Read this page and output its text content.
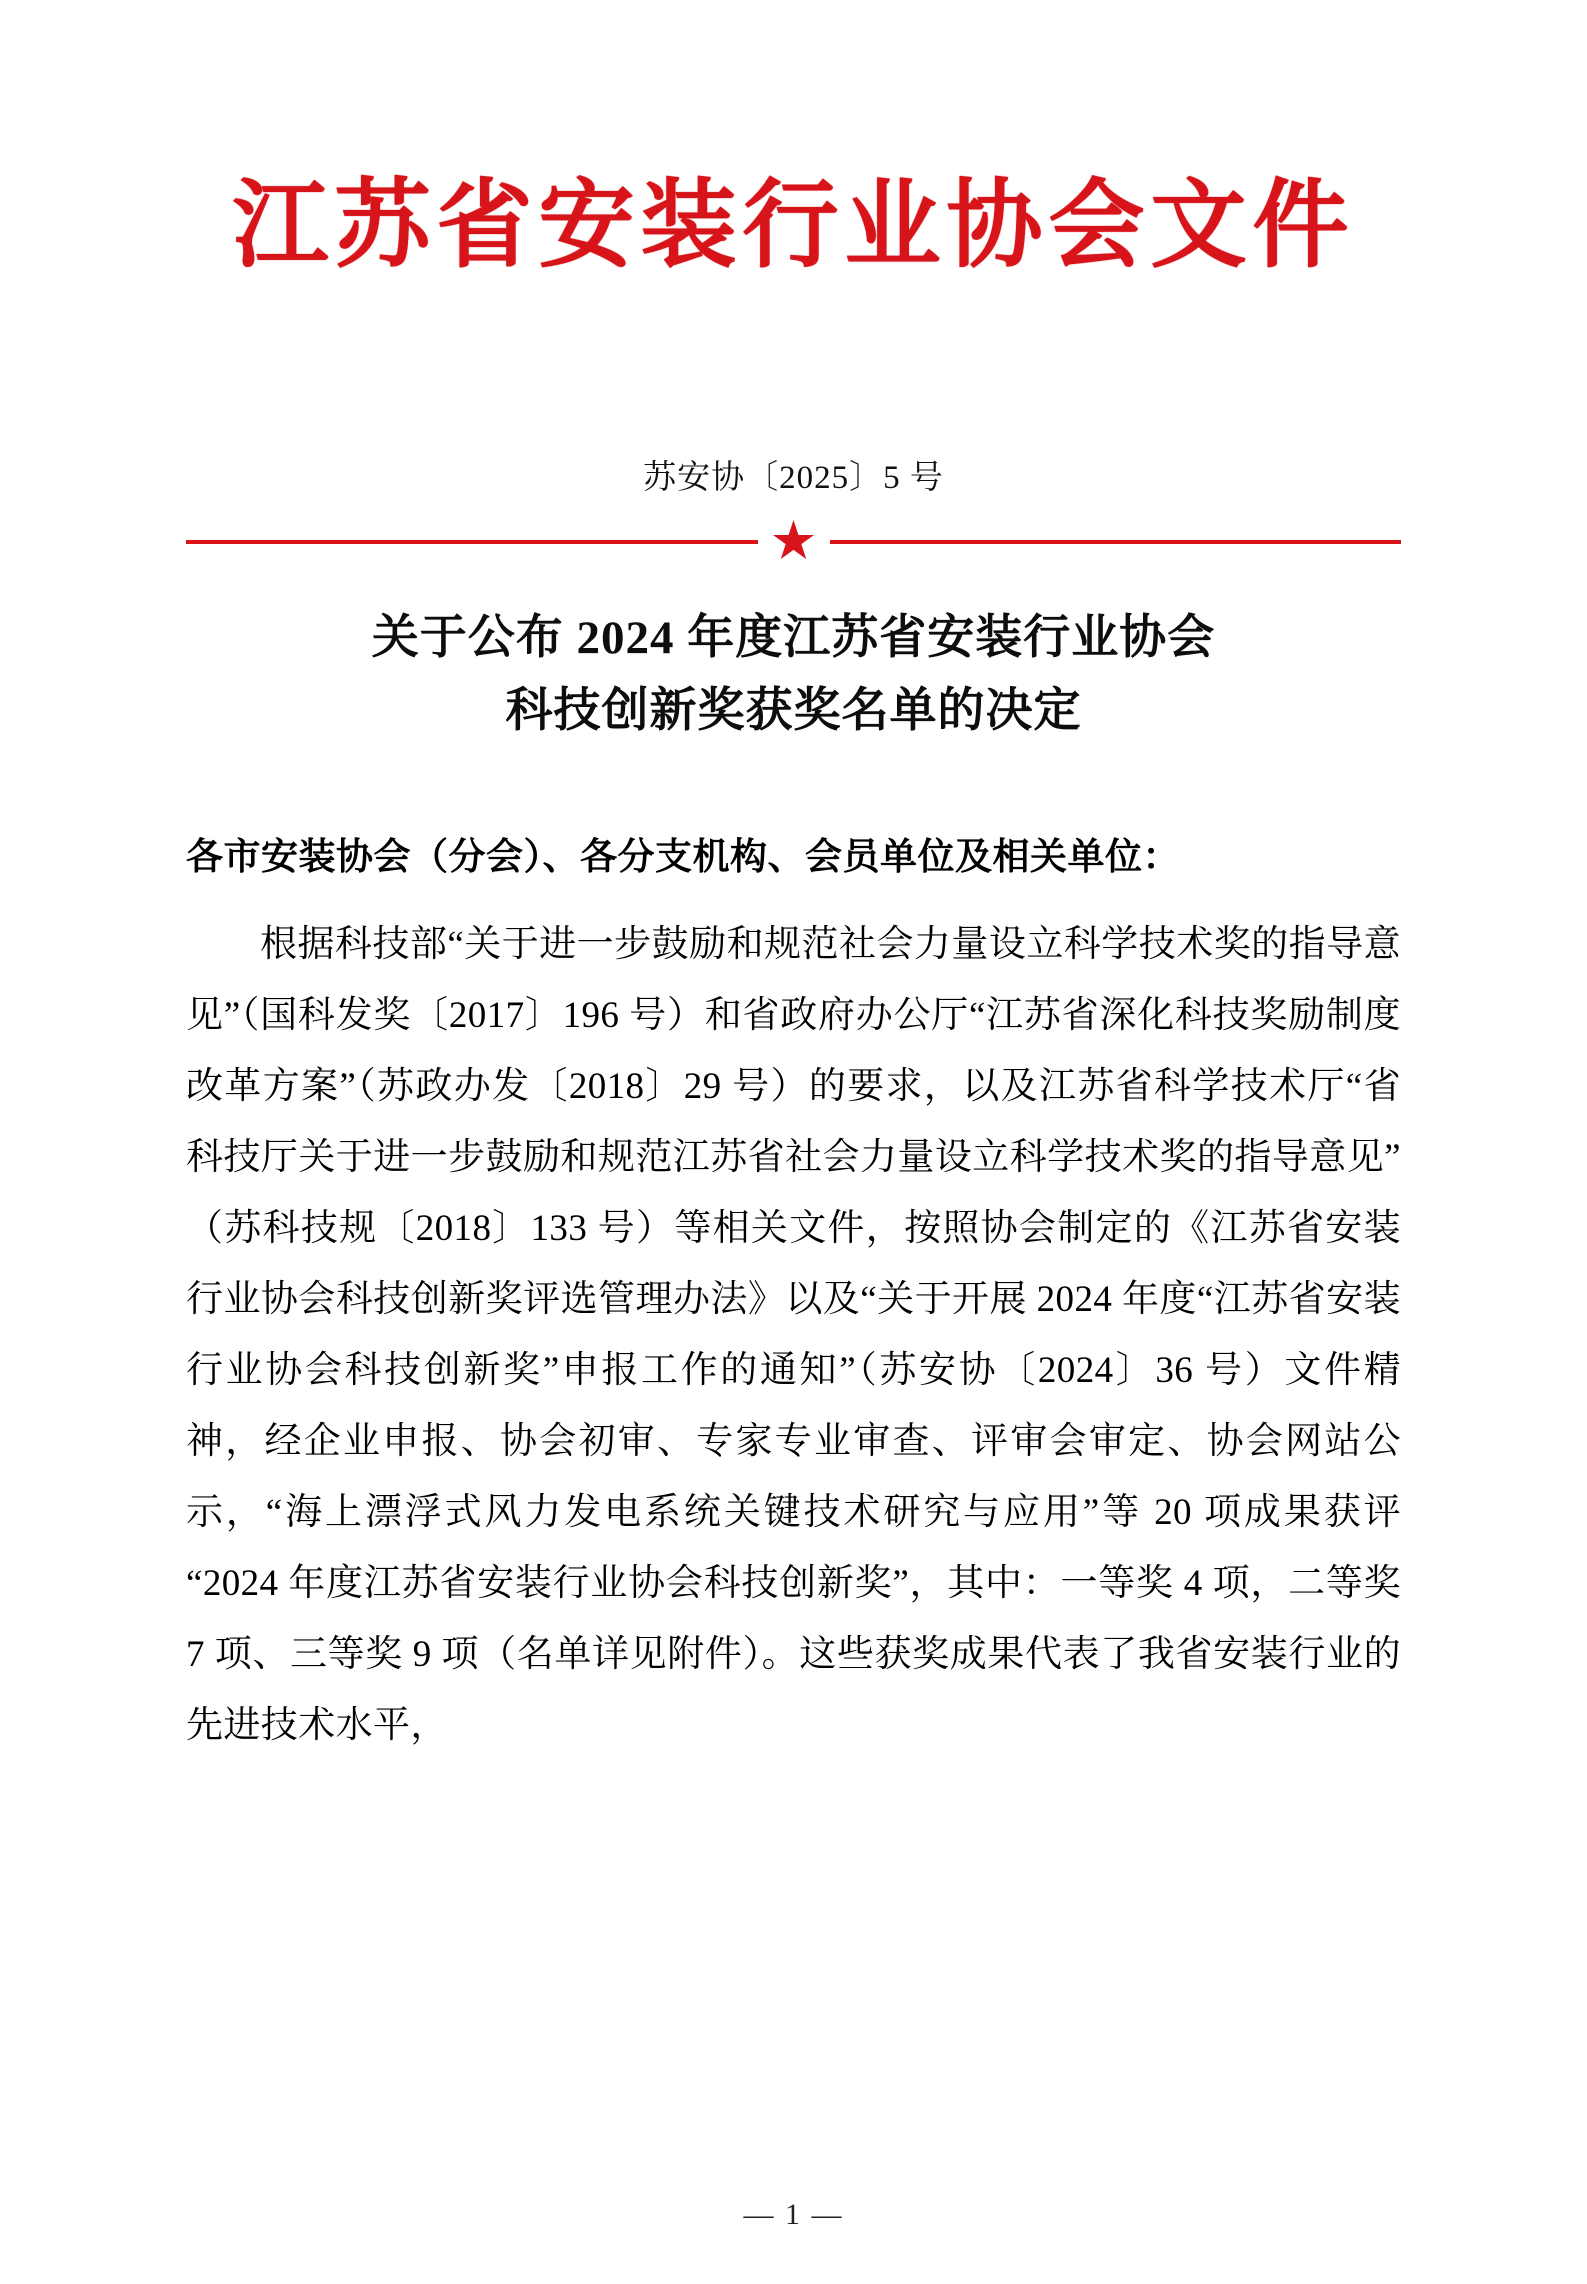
江苏省安装行业协会文件
苏安协〔2025〕5 号
★
关于公布 2024 年度江苏省安装行业协会
科技创新奖获奖名单的决定
各市安装协会（分会）、各分支机构、会员单位及相关单位：

根据科技部“关于进一步鼓励和规范社会力量设立科学技术奖的指导意见”（国科发奖〔2017〕196 号）和省政府办公厅“江苏省深化科技奖励制度改革方案”（苏政办发〔2018〕29 号）的要求，以及江苏省科学技术厅“省科技厅关于进一步鼓励和规范江苏省社会力量设立科学技术奖的指导意见”（苏科技规〔2018〕133 号）等相关文件，按照协会制定的《江苏省安装行业协会科技创新奖评选管理办法》以及“关于开展 2024 年度“江苏省安装行业协会科技创新奖”申报工作的通知”（苏安协〔2024〕36 号）文件精神，经企业申报、协会初审、专家专业审查、评审会审定、协会网站公示，“海上漂浮式风力发电系统关键技术研究与应用”等 20 项成果获评“2024 年度江苏省安装行业协会科技创新奖”，其中：一等奖 4 项，二等奖 7 项、三等奖 9 项（名单详见附件）。这些获奖成果代表了我省安装行业的先进技术水平，

— 1 —
